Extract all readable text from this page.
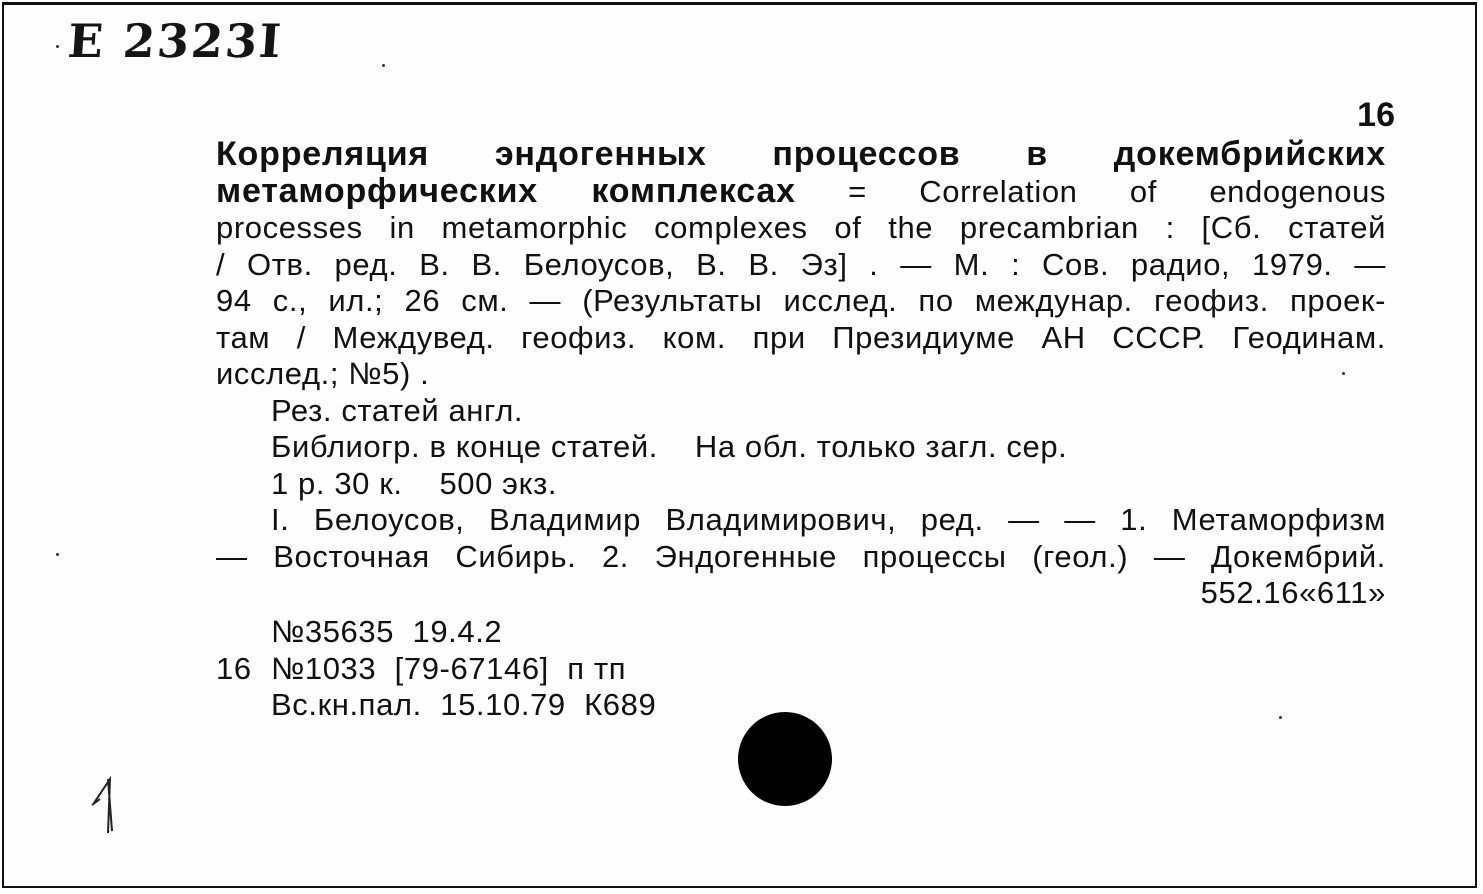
Е 2323I
16
Корреляция эндогенных процессов в докембрийских
метаморфических комплексах = Correlation of endogenous
processes in metamorphic complexes of the precambrian : [Сб. статей
/ Отв. ред. В. В. Белоусов, В. В. Эз] . — М. : Сов. радио, 1979. —
94 с., ил.; 26 см. — (Результаты исслед. по междунар. геофиз. проек-
там / Междувед. геофиз. ком. при Президиуме АН СССР. Геодинам.
исслед.; №5) .
Рез. статей англ.
Библиогр. в конце статей.    На обл. только загл. сер.
1 р. 30 к.    500 экз.
I. Белоусов, Владимир Владимирович, ред. — — 1. Метаморфизм
— Восточная Сибирь. 2. Эндогенные процессы (геол.) — Докембрий.
552.16«611»
№35635  19.4.2
16 №1033  [79-67146]  п тп
Вс.кн.пал.  15.10.79  К689
